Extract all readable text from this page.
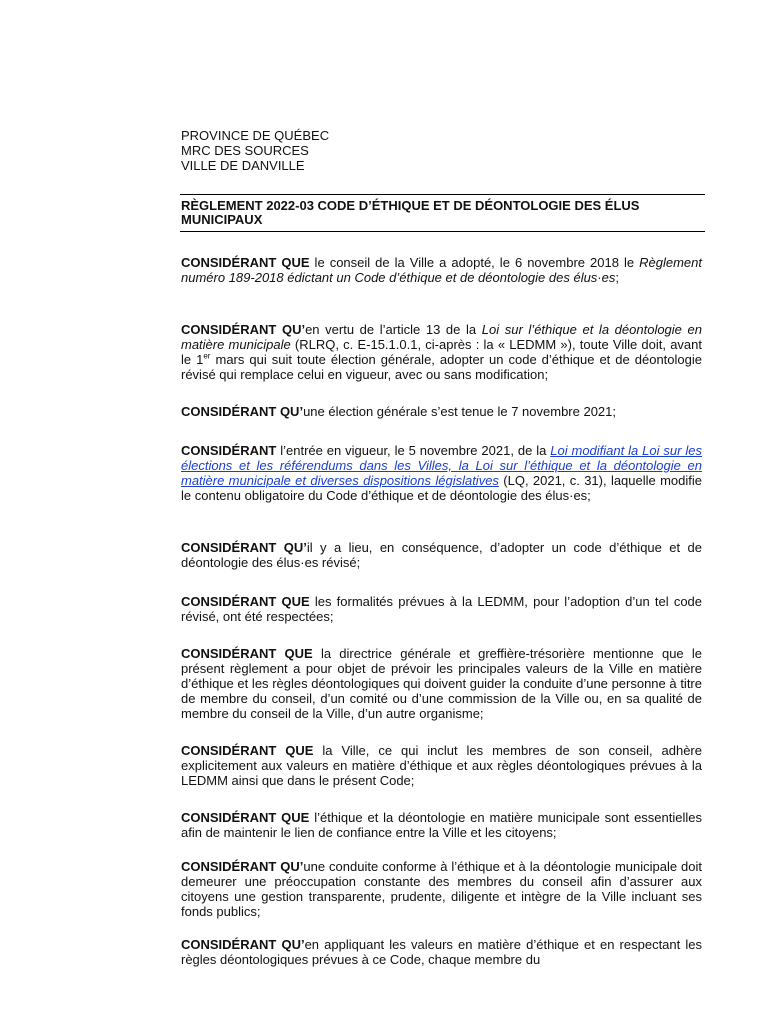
PROVINCE DE QUÉBEC
MRC DES SOURCES
VILLE DE DANVILLE
RÈGLEMENT 2022-03 CODE D’ÉTHIQUE ET DE DÉONTOLOGIE DES ÉLUS MUNICIPAUX

CONSIDÉRANT QUE le conseil de la Ville a adopté, le 6 novembre 2018 le Règlement numéro 189-2018 édictant un Code d’éthique et de déontologie des élus·es;

CONSIDÉRANT QU’en vertu de l’article 13 de la Loi sur l’éthique et la déontologie en matière municipale (RLRQ, c. E-15.1.0.1, ci-après : la « LEDMM »), toute Ville doit, avant le 1er mars qui suit toute élection générale, adopter un code d’éthique et de déontologie révisé qui remplace celui en vigueur, avec ou sans modification;

CONSIDÉRANT QU’une élection générale s’est tenue le 7 novembre 2021;

CONSIDÉRANT l’entrée en vigueur, le 5 novembre 2021, de la Loi modifiant la Loi sur les élections et les référendums dans les Villes, la Loi sur l’éthique et la déontologie en matière municipale et diverses dispositions législatives (LQ, 2021, c. 31), laquelle modifie le contenu obligatoire du Code d’éthique et de déontologie des élus·es;

CONSIDÉRANT QU’il y a lieu, en conséquence, d’adopter un code d’éthique et de déontologie des élus·es révisé;

CONSIDÉRANT QUE les formalités prévues à la LEDMM, pour l’adoption d’un tel code révisé, ont été respectées;

CONSIDÉRANT QUE la directrice générale et greffière-trésorière mentionne que le présent règlement a pour objet de prévoir les principales valeurs de la Ville en matière d’éthique et les règles déontologiques qui doivent guider la conduite d’une personne à titre de membre du conseil, d’un comité ou d’une commission de la Ville ou, en sa qualité de membre du conseil de la Ville, d’un autre organisme;

CONSIDÉRANT QUE la Ville, ce qui inclut les membres de son conseil, adhère explicitement aux valeurs en matière d’éthique et aux règles déontologiques prévues à la LEDMM ainsi que dans le présent Code;

CONSIDÉRANT QUE l’éthique et la déontologie en matière municipale sont essentielles afin de maintenir le lien de confiance entre la Ville et les citoyens;

CONSIDÉRANT QU’une conduite conforme à l’éthique et à la déontologie municipale doit demeurer une préoccupation constante des membres du conseil afin d’assurer aux citoyens une gestion transparente, prudente, diligente et intègre de la Ville incluant ses fonds publics;

CONSIDÉRANT QU’en appliquant les valeurs en matière d’éthique et en respectant les règles déontologiques prévues à ce Code, chaque membre du
